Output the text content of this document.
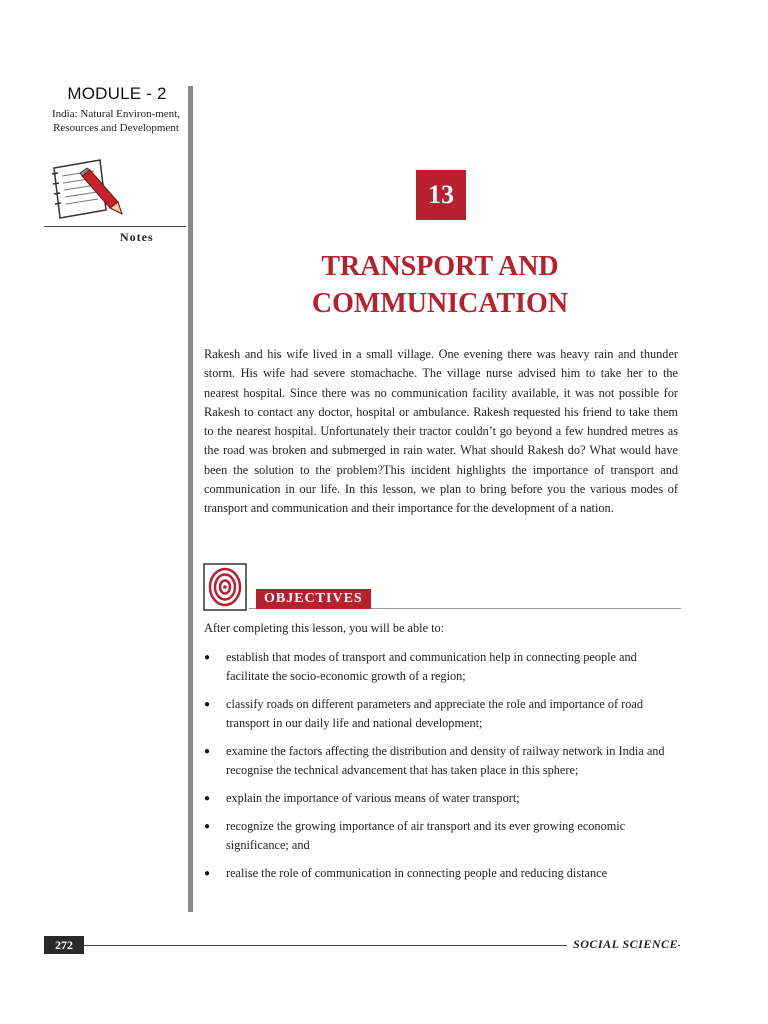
MODULE - 2
India: Natural Environ-ment, Resources and Development
Notes
13
TRANSPORT AND
COMMUNICATION

Rakesh and his wife lived in a small village. One evening there was heavy rain and thunder storm. His wife had severe stomachache. The village nurse advised him to take her to the nearest hospital. Since there was no communication facility available, it was not possible for Rakesh to contact any doctor, hospital or ambulance. Rakesh requested his friend to take them to the nearest hospital. Unfortunately their tractor couldn’t go beyond a few hundred metres as the road was broken and submerged in rain water. What should Rakesh do? What would have been the solution to the problem?This incident highlights the importance of transport and communication in our life. In this lesson, we plan to bring before you the various modes of transport and communication and their importance for the development of a nation.

OBJECTIVES
After completing this lesson, you will be able to:
● establish that modes of transport and communication help in connecting people and facilitate the socio-economic growth of a region;
● classify roads on different parameters and appreciate the role and importance of road transport in our daily life and national development;
● examine the factors affecting the distribution and density of railway network in India and recognise the technical advancement that has taken place in this sphere;
● explain the importance of various means of water transport;
● recognize the growing importance of air transport and its ever growing economic significance; and
● realise the role of communication in connecting people and reducing distance
272	SOCIAL SCIENCE
